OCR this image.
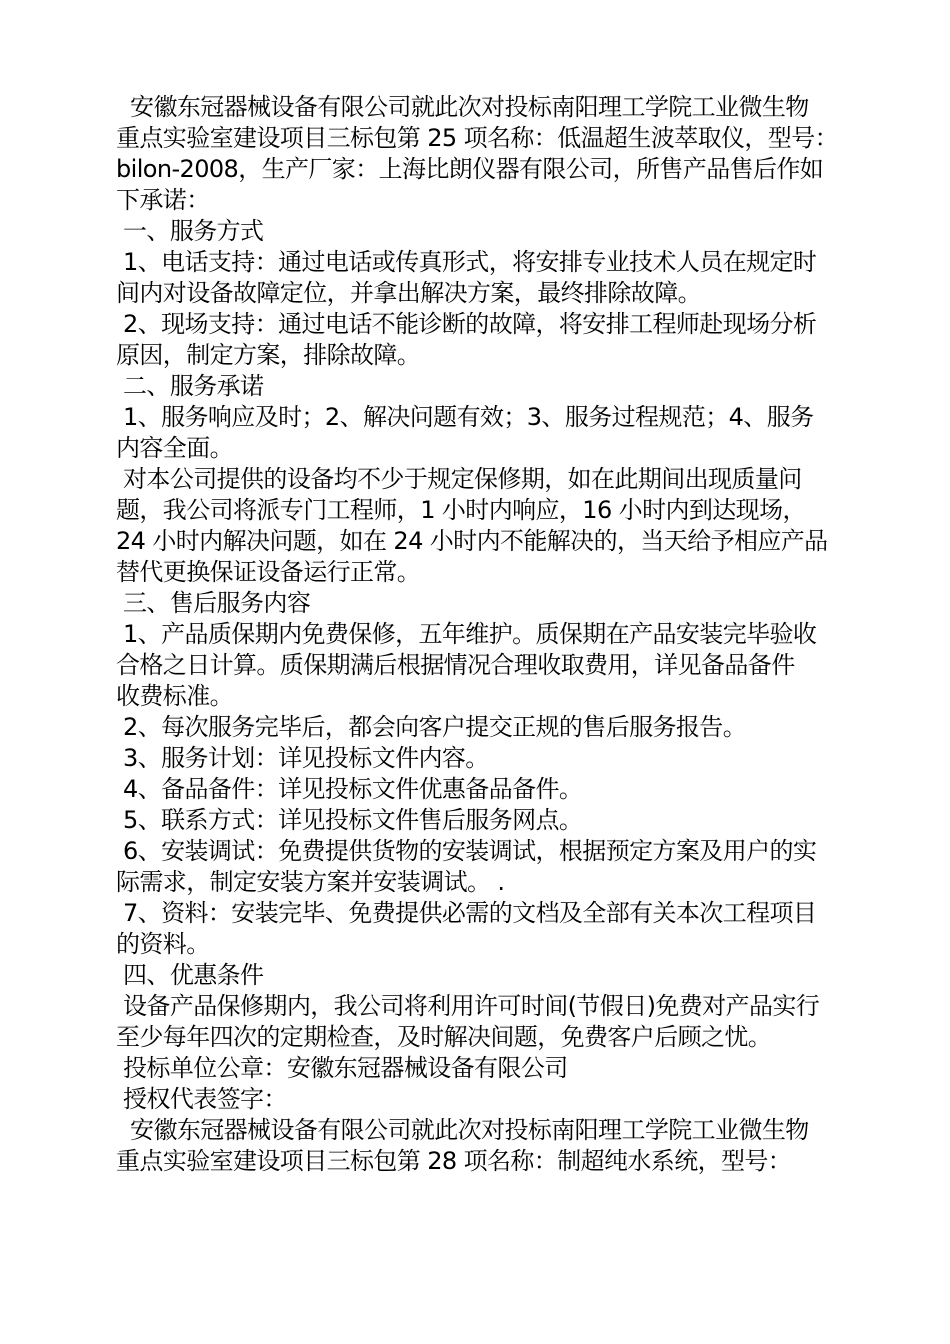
安徽东冠器械设备有限公司就此次对投标南阳理工学院工业微生物
重点实验室建设项目三标包第 25 项名称：低温超生波萃取仪，型号：
bilon-2008，生产厂家：上海比朗仪器有限公司，所售产品售后作如
下承诺：
一、服务方式
1、电话支持：通过电话或传真形式，将安排专业技术人员在规定时
间内对设备故障定位，并拿出解决方案，最终排除故障。
2、现场支持：通过电话不能诊断的故障，将安排工程师赴现场分析
原因，制定方案，排除故障。
二、服务承诺
1、服务响应及时；2、解决问题有效；3、服务过程规范；4、服务
内容全面。
对本公司提供的设备均不少于规定保修期，如在此期间出现质量问
题，我公司将派专门工程师，1 小时内响应，16 小时内到达现场，
24 小时内解决问题，如在 24 小时内不能解决的，当天给予相应产品
替代更换保证设备运行正常。
三、售后服务内容
1、产品质保期内免费保修，五年维护。质保期在产品安装完毕验收
合格之日计算。质保期满后根据情况合理收取费用，详见备品备件
收费标准。
2、每次服务完毕后，都会向客户提交正规的售后服务报告。
3、服务计划：详见投标文件内容。
4、备品备件：详见投标文件优惠备品备件。
5、联系方式：详见投标文件售后服务网点。
6、安装调试：免费提供货物的安装调试，根据预定方案及用户的实
际需求，制定安装方案并安装调试。 .
7、资料：安装完毕、免费提供必需的文档及全部有关本次工程项目
的资料。
四、优惠条件
设备产品保修期内，我公司将利用许可时间(节假日)免费对产品实行
至少每年四次的定期检查，及时解决间题，免费客户后顾之忧。
投标单位公章：安徽东冠器械设备有限公司
授权代表签字：
安徽东冠器械设备有限公司就此次对投标南阳理工学院工业微生物
重点实验室建设项目三标包第 28 项名称：制超纯水系统，型号：
